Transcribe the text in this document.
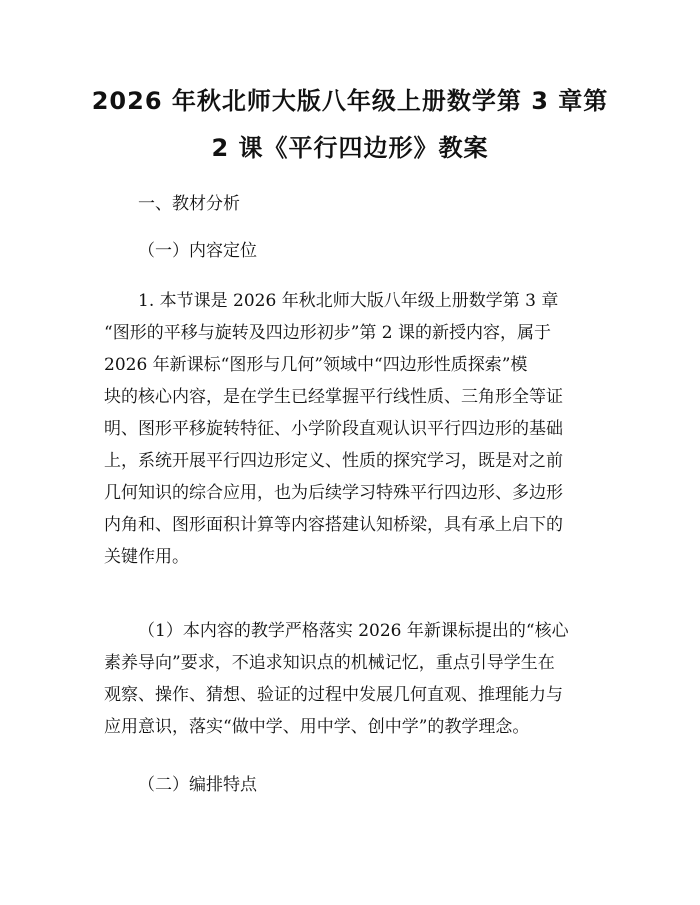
2026 年秋北师大版八年级上册数学第 3 章第
2 课《平行四边形》教案

一、教材分析

（一）内容定位

1. 本节课是 2026 年秋北师大版八年级上册数学第 3 章

“图形的平移与旋转及四边形初步”第 2 课的新授内容，属于

2026 年新课标“图形与几何”领域中“四边形性质探索”模

块的核心内容，是在学生已经掌握平行线性质、三角形全等证

明、图形平移旋转特征、小学阶段直观认识平行四边形的基础

上，系统开展平行四边形定义、性质的探究学习，既是对之前

几何知识的综合应用，也为后续学习特殊平行四边形、多边形

内角和、图形面积计算等内容搭建认知桥梁，具有承上启下的

关键作用。

（1）本内容的教学严格落实 2026 年新课标提出的“核心

素养导向”要求，不追求知识点的机械记忆，重点引导学生在

观察、操作、猜想、验证的过程中发展几何直观、推理能力与

应用意识，落实“做中学、用中学、创中学”的教学理念。

（二）编排特点
